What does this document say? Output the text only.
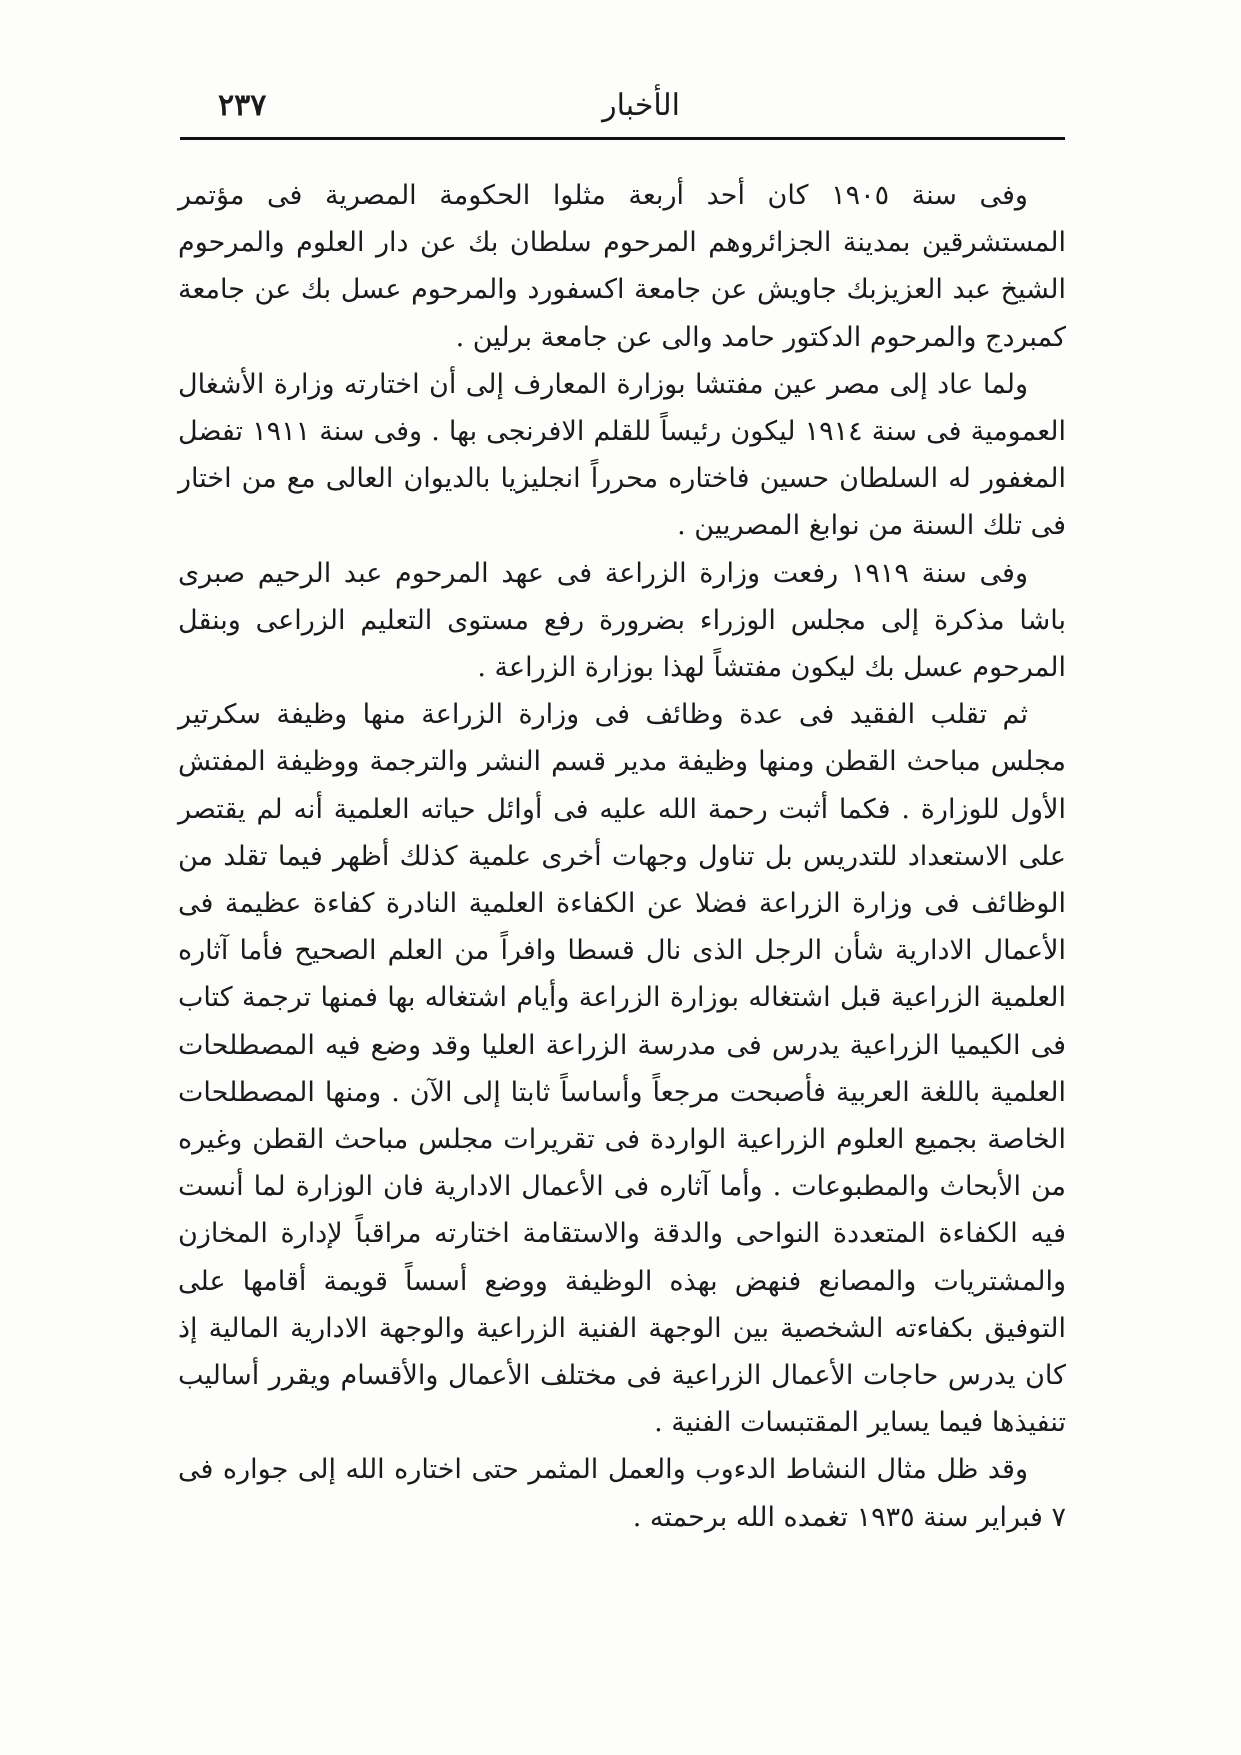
الأخبار
٢٣٧

وفى سنة ١٩٠٥ كان أحد أربعة مثلوا الحكومة المصرية فى مؤتمر المستشرقين بمدينة الجزائروهم المرحوم سلطان بك عن دار العلوم والمرحوم الشيخ عبد العزيزبك جاويش عن جامعة اكسفورد والمرحوم عسل بك عن جامعة كمبردج والمرحوم الدكتور حامد والى عن جامعة برلين .

ولما عاد إلى مصر عين مفتشا بوزارة المعارف إلى أن اختارته وزارة الأشغال العمومية فى سنة ١٩١٤ ليكون رئيساً للقلم الافرنجى بها . وفى سنة ١٩١١ تفضل المغفور له السلطان حسين فاختاره محرراً انجليزيا بالديوان العالى مع من اختار فى تلك السنة من نوابغ المصريين .

وفى سنة ١٩١٩ رفعت وزارة الزراعة فى عهد المرحوم عبد الرحيم صبرى باشا مذكرة إلى مجلس الوزراء بضرورة رفع مستوى التعليم الزراعى وبنقل المرحوم عسل بك ليكون مفتشاً لهذا بوزارة الزراعة .

ثم تقلب الفقيد فى عدة وظائف فى وزارة الزراعة منها وظيفة سكرتير مجلس مباحث القطن ومنها وظيفة مدير قسم النشر والترجمة ووظيفة المفتش الأول للوزارة . فكما أثبت رحمة الله عليه فى أوائل حياته العلمية أنه لم يقتصر على الاستعداد للتدريس بل تناول وجهات أخرى علمية كذلك أظهر فيما تقلد من الوظائف فى وزارة الزراعة فضلا عن الكفاءة العلمية النادرة كفاءة عظيمة فى الأعمال الادارية شأن الرجل الذى نال قسطا وافراً من العلم الصحيح فأما آثاره العلمية الزراعية قبل اشتغاله بوزارة الزراعة وأيام اشتغاله بها فمنها ترجمة كتاب فى الكيميا الزراعية يدرس فى مدرسة الزراعة العليا وقد وضع فيه المصطلحات العلمية باللغة العربية فأصبحت مرجعاً وأساساً ثابتا إلى الآن . ومنها المصطلحات الخاصة بجميع العلوم الزراعية الواردة فى تقريرات مجلس مباحث القطن وغيره من الأبحاث والمطبوعات . وأما آثاره فى الأعمال الادارية فان الوزارة لما أنست فيه الكفاءة المتعددة النواحى والدقة والاستقامة اختارته مراقباً لإدارة المخازن والمشتريات والمصانع فنهض بهذه الوظيفة ووضع أسساً قويمة أقامها على التوفيق بكفاءته الشخصية بين الوجهة الفنية الزراعية والوجهة الادارية المالية إذ كان يدرس حاجات الأعمال الزراعية فى مختلف الأعمال والأقسام ويقرر أساليب تنفيذها فيما يساير المقتبسات الفنية .

وقد ظل مثال النشاط الدءوب والعمل المثمر حتى اختاره الله إلى جواره فى ٧ فبراير سنة ١٩٣٥ تغمده الله برحمته .
